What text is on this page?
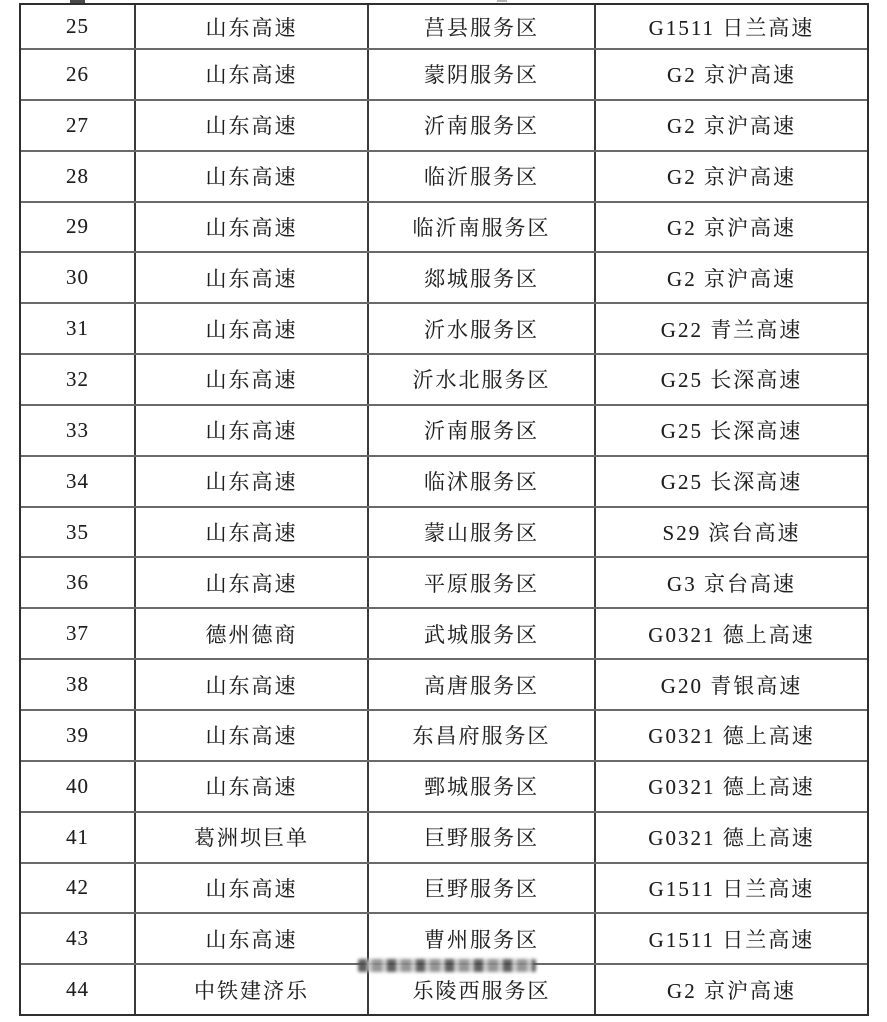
25	山东高速	莒县服务区	G1511 日兰高速
26	山东高速	蒙阴服务区	G2 京沪高速
27	山东高速	沂南服务区	G2 京沪高速
28	山东高速	临沂服务区	G2 京沪高速
29	山东高速	临沂南服务区	G2 京沪高速
30	山东高速	郯城服务区	G2 京沪高速
31	山东高速	沂水服务区	G22 青兰高速
32	山东高速	沂水北服务区	G25 长深高速
33	山东高速	沂南服务区	G25 长深高速
34	山东高速	临沭服务区	G25 长深高速
35	山东高速	蒙山服务区	S29 滨台高速
36	山东高速	平原服务区	G3 京台高速
37	德州德商	武城服务区	G0321 德上高速
38	山东高速	高唐服务区	G20 青银高速
39	山东高速	东昌府服务区	G0321 德上高速
40	山东高速	鄄城服务区	G0321 德上高速
41	葛洲坝巨单	巨野服务区	G0321 德上高速
42	山东高速	巨野服务区	G1511 日兰高速
43	山东高速	曹州服务区	G1511 日兰高速
44	中铁建济乐	乐陵西服务区	G2 京沪高速
